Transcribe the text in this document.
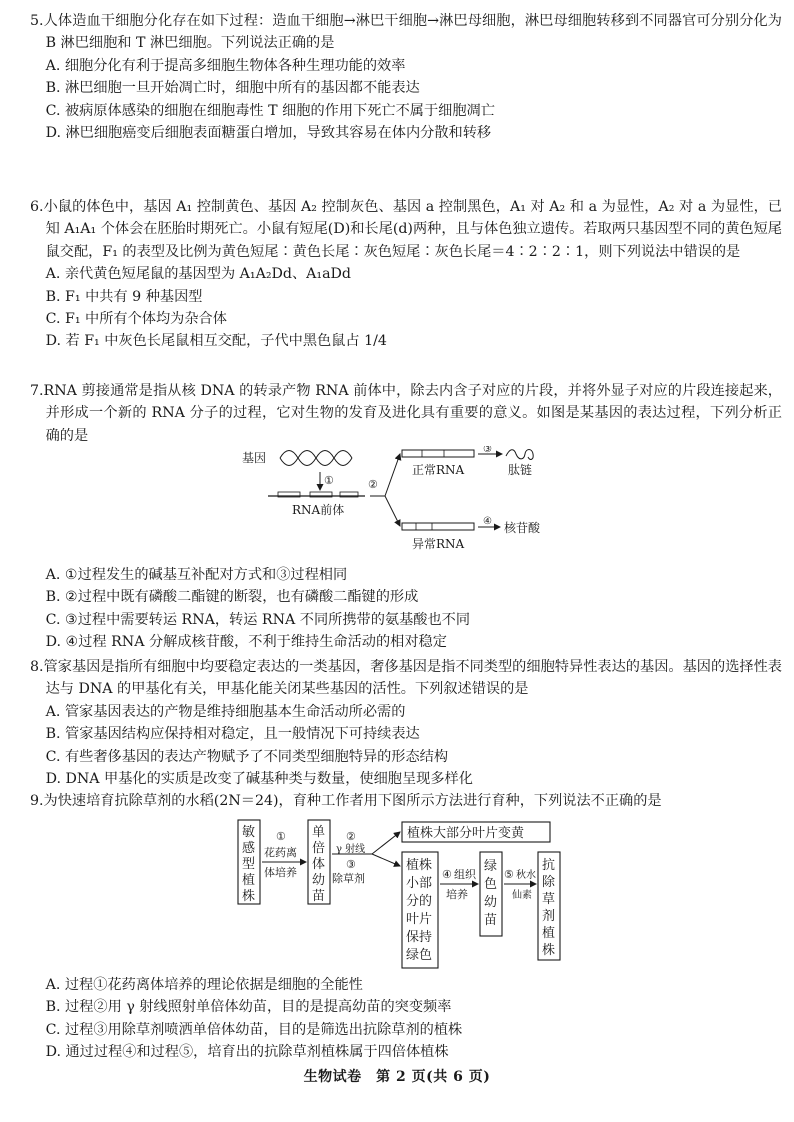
5.人体造血干细胞分化存在如下过程：造血干细胞→淋巴干细胞→淋巴母细胞，淋巴母细胞转移到不同器官可分别分化为 B 淋巴细胞和 T 淋巴细胞。下列说法正确的是
A. 细胞分化有利于提高多细胞生物体各种生理功能的效率
B. 淋巴细胞一旦开始凋亡时，细胞中所有的基因都不能表达
C. 被病原体感染的细胞在细胞毒性 T 细胞的作用下死亡不属于细胞凋亡
D. 淋巴细胞癌变后细胞表面糖蛋白增加，导致其容易在体内分散和转移
6.小鼠的体色中，基因 A₁ 控制黄色、基因 A₂ 控制灰色、基因 a 控制黑色，A₁ 对 A₂ 和 a 为显性，A₂ 对 a 为显性，已知 A₁A₁ 个体会在胚胎时期死亡。小鼠有短尾(D)和长尾(d)两种，且与体色独立遗传。若取两只基因型不同的黄色短尾鼠交配，F₁ 的表型及比例为黄色短尾∶黄色长尾∶灰色短尾∶灰色长尾＝4∶2∶2∶1，则下列说法中错误的是
A. 亲代黄色短尾鼠的基因型为 A₁A₂Dd、A₁aDd
B. F₁ 中共有 9 种基因型
C. F₁ 中所有个体均为杂合体
D. 若 F₁ 中灰色长尾鼠相互交配，子代中黑色鼠占 1/4
7.RNA 剪接通常是指从核 DNA 的转录产物 RNA 前体中，除去内含子对应的片段，并将外显子对应的片段连接起来，并形成一个新的 RNA 分子的过程，它对生物的发育及进化具有重要的意义。如图是某基因的表达过程，下列分析正确的是
基因
①
RNA前体
②
正常RNA
③
肽链
异常RNA
④ 核苷酸
A. ①过程发生的碱基互补配对方式和③过程相同
B. ②过程中既有磷酸二酯键的断裂，也有磷酸二酯键的形成
C. ③过程中需要转运 RNA，转运 RNA 不同所携带的氨基酸也不同
D. ④过程 RNA 分解成核苷酸，不利于维持生命活动的相对稳定
8.管家基因是指所有细胞中均要稳定表达的一类基因，奢侈基因是指不同类型的细胞特异性表达的基因。基因的选择性表达与 DNA 的甲基化有关，甲基化能关闭某些基因的活性。下列叙述错误的是
A. 管家基因表达的产物是维持细胞基本生命活动所必需的
B. 管家基因结构应保持相对稳定，且一般情况下可持续表达
C. 有些奢侈基因的表达产物赋予了不同类型细胞特异的形态结构
D. DNA 甲基化的实质是改变了碱基种类与数量，使细胞呈现多样化
9.为快速培育抗除草剂的水稻(2N＝24)，育种工作者用下图所示方法进行育种，下列说法不正确的是
敏
感
型
植
株
①
花药离
体培养
单
倍
体
幼
苗
②
γ 射线
③
除草剂
植株大部分叶片变黄
植株
小部
分的
叶片
保持
绿色
④ 组织
培养
绿
色
幼
苗
⑤ 秋水
仙素
抗
除
草
剂
植
株
A. 过程①花药离体培养的理论依据是细胞的全能性
B. 过程②用 γ 射线照射单倍体幼苗，目的是提高幼苗的突变频率
C. 过程③用除草剂喷洒单倍体幼苗，目的是筛选出抗除草剂的植株
D. 通过过程④和过程⑤，培育出的抗除草剂植株属于四倍体植株
生物试卷　第 2 页(共 6 页)
